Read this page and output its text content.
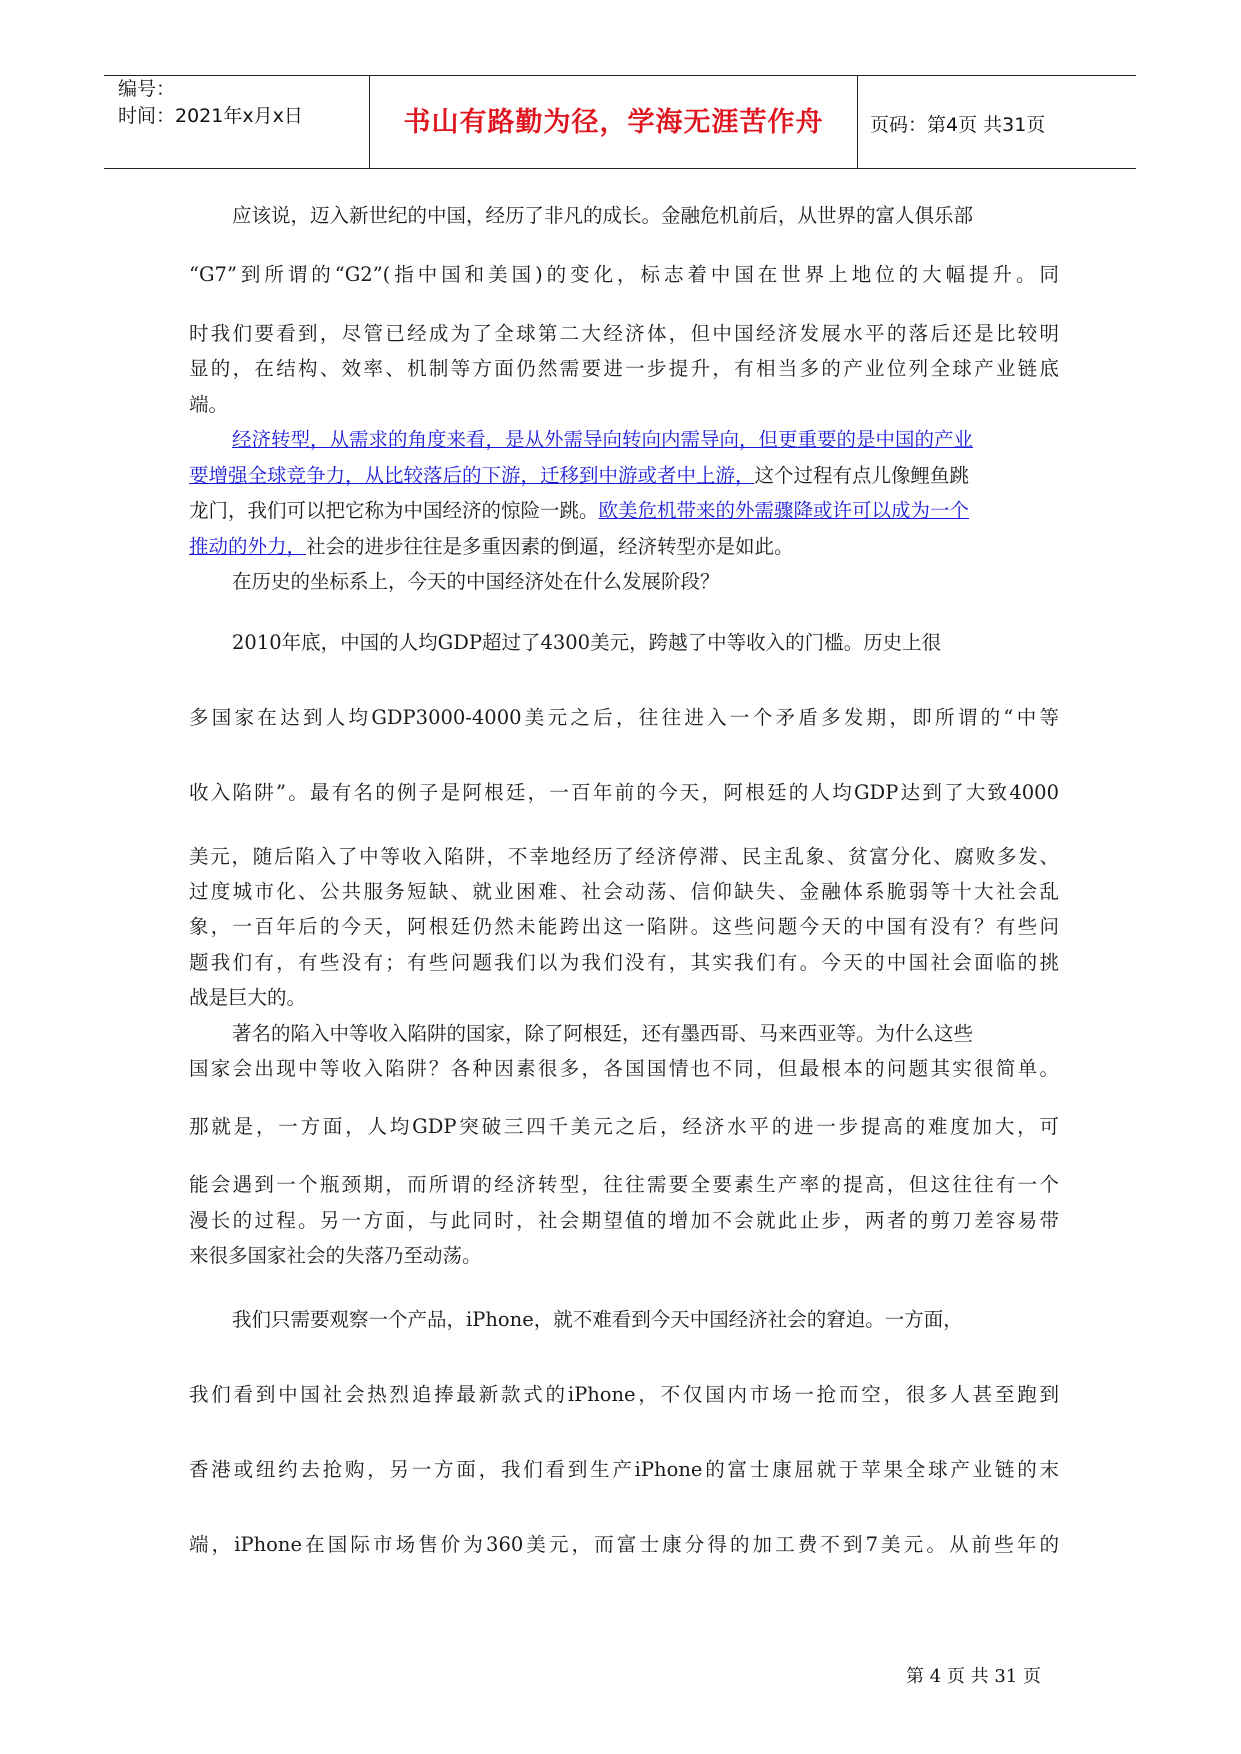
编号：
时间：2021年x月x日	书山有路勤为径，学海无涯苦作舟	页码：第4页 共31页
应该说，迈入新世纪的中国，经历了非凡的成长。金融危机前后，从世界的富人俱乐部
“G7”到所谓的“G2”(指中国和美国)的变化，标志着中国在世界上地位的大幅提升。同
时我们要看到，尽管已经成为了全球第二大经济体，但中国经济发展水平的落后还是比较明
显的，在结构、效率、机制等方面仍然需要进一步提升，有相当多的产业位列全球产业链底
端。
经济转型，从需求的角度来看，是从外需导向转向内需导向，但更重要的是中国的产业
要增强全球竞争力，从比较落后的下游，迁移到中游或者中上游，这个过程有点儿像鲤鱼跳
龙门，我们可以把它称为中国经济的惊险一跳。欧美危机带来的外需骤降或许可以成为一个
推动的外力，社会的进步往往是多重因素的倒逼，经济转型亦是如此。
在历史的坐标系上，今天的中国经济处在什么发展阶段？
2010年底，中国的人均GDP超过了4300美元，跨越了中等收入的门槛。历史上很
多国家在达到人均GDP3000-4000美元之后，往往进入一个矛盾多发期，即所谓的“中等
收入陷阱”。最有名的例子是阿根廷，一百年前的今天，阿根廷的人均GDP达到了大致4000
美元，随后陷入了中等收入陷阱，不幸地经历了经济停滞、民主乱象、贫富分化、腐败多发、
过度城市化、公共服务短缺、就业困难、社会动荡、信仰缺失、金融体系脆弱等十大社会乱
象，一百年后的今天，阿根廷仍然未能跨出这一陷阱。这些问题今天的中国有没有？有些问
题我们有，有些没有；有些问题我们以为我们没有，其实我们有。今天的中国社会面临的挑
战是巨大的。
著名的陷入中等收入陷阱的国家，除了阿根廷，还有墨西哥、马来西亚等。为什么这些
国家会出现中等收入陷阱？各种因素很多，各国国情也不同，但最根本的问题其实很简单。
那就是，一方面，人均GDP突破三四千美元之后，经济水平的进一步提高的难度加大，可
能会遇到一个瓶颈期，而所谓的经济转型，往往需要全要素生产率的提高，但这往往有一个
漫长的过程。另一方面，与此同时，社会期望值的增加不会就此止步，两者的剪刀差容易带
来很多国家社会的失落乃至动荡。
我们只需要观察一个产品，iPhone，就不难看到今天中国经济社会的窘迫。一方面，
我们看到中国社会热烈追捧最新款式的iPhone，不仅国内市场一抢而空，很多人甚至跑到
香港或纽约去抢购，另一方面，我们看到生产iPhone的富士康屈就于苹果全球产业链的末
端，iPhone在国际市场售价为360美元，而富士康分得的加工费不到7美元。从前些年的
第 4 页 共 31 页
